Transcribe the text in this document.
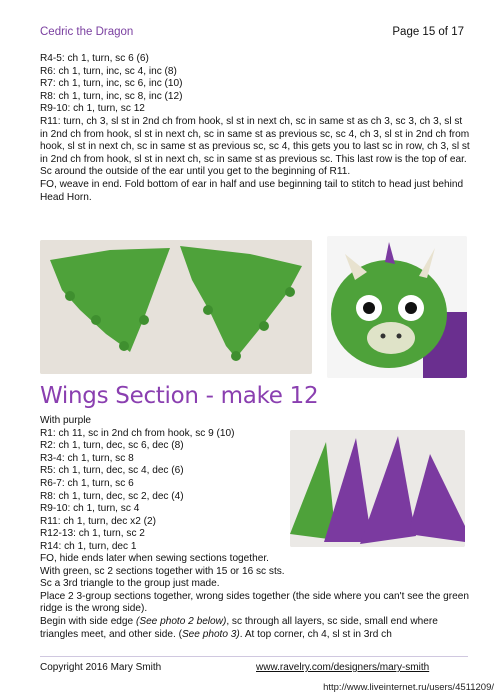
Cedric the Dragon	Page 15 of 17

R4-5: ch 1, turn, sc 6 (6)

R6: ch 1, turn, inc, sc 4, inc (8)

R7: ch 1, turn, inc, sc 6, inc (10)

R8: ch 1, turn, inc, sc 8, inc (12)

R9-10: ch 1, turn, sc 12

R11: turn, ch 3, sl st in 2nd ch from hook, sl st in next ch, sc in same st as ch 3, sc 3, ch 3, sl st in 2nd ch from hook, sl st in next ch, sc in same st as previous sc, sc 4, ch 3, sl st in 2nd ch from hook, sl st in next ch, sc in same st as previous sc, sc 4, this gets you to last sc in row, ch 3, sl st in 2nd ch from hook, sl st in next ch, sc in same st as previous sc. This last row is the top of ear. Sc around the outside of the ear until you get to the beginning of R11.

FO, weave in end. Fold bottom of ear in half and use beginning tail to stitch to head just behind Head Horn.

Wings Section - make 12

With purple

R1: ch 11, sc in 2nd ch from hook, sc 9 (10)

R2: ch 1, turn, dec, sc 6, dec (8)

R3-4: ch 1, turn, sc 8

R5: ch 1, turn, dec, sc 4, dec (6)

R6-7: ch 1, turn, sc 6

R8: ch 1, turn, dec, sc 2, dec (4)

R9-10: ch 1, turn, sc 4

R11: ch 1, turn, dec x2 (2)

R12-13: ch 1, turn, sc 2

R14: ch 1, turn, dec 1

FO, hide ends later when sewing sections together.

With green, sc 2 sections together with 15 or 16 sc sts.

Sc a 3rd triangle to the group just made.

Place 2 3-group sections together, wrong sides together (the side where you can't see the green ridge is the wrong side).

Begin with side edge (See photo 2 below), sc through all layers, sc side, small end where triangles meet, and other side. (See photo 3). At top corner, ch 4, sl st in 3rd ch

Copyright 2016 Mary Smith	www.ravelry.com/designers/mary-smith
http://www.liveinternet.ru/users/4511209/
